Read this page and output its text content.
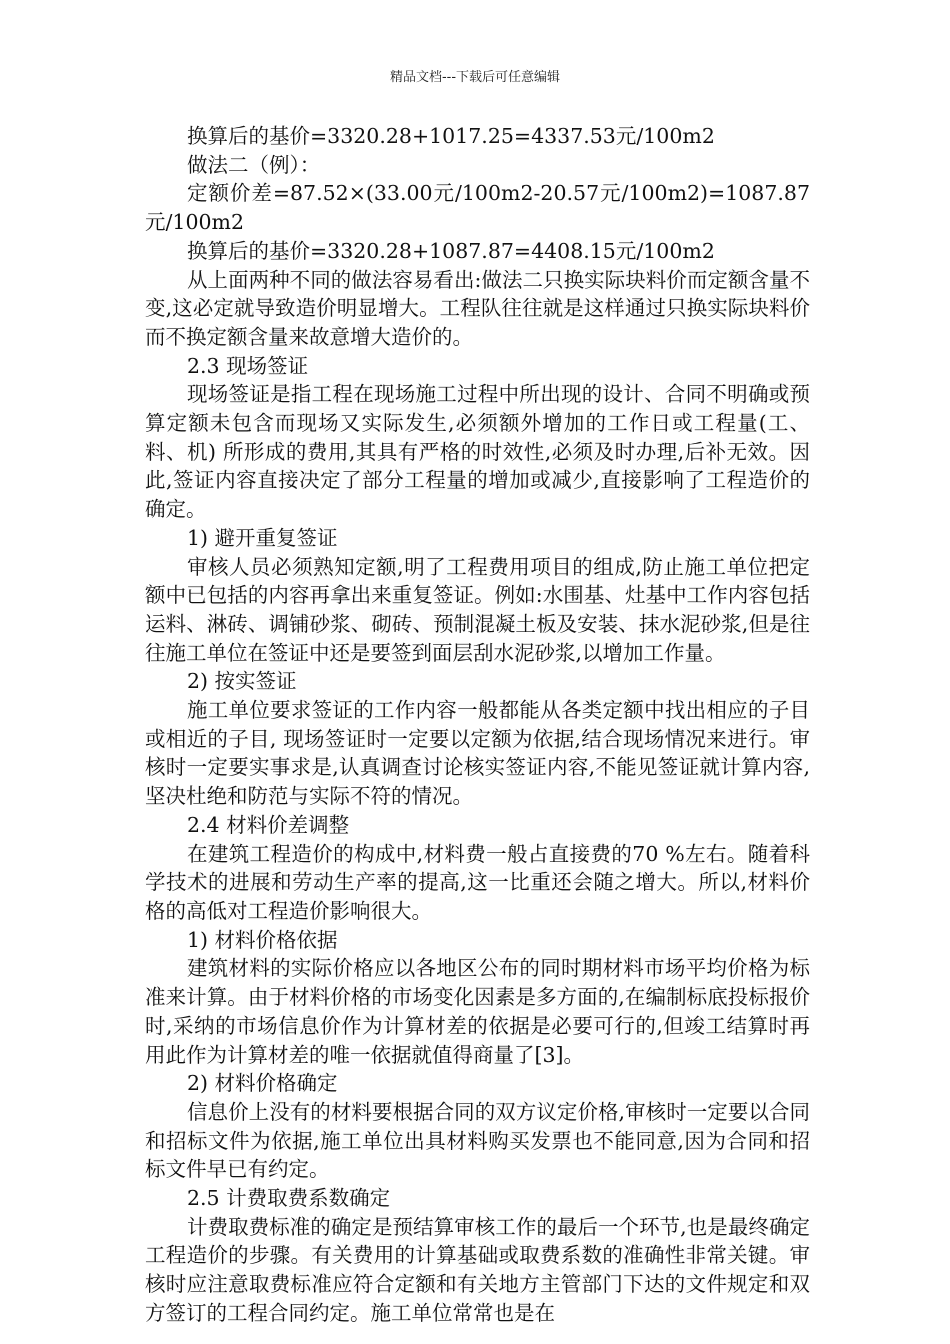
精品文档---下载后可任意编辑

换算后的基价=3320.28+1017.25=4337.53元/100m2

做法二（例）：

定额价差=87.52×(33.00元/100m2-20.57元/100m2)=1087.87元/100m2

换算后的基价=3320.28+1087.87=4408.15元/100m2

从上面两种不同的做法容易看出:做法二只换实际块料价而定额含量不变,这必定就导致造价明显增大。工程队往往就是这样通过只换实际块料价而不换定额含量来故意增大造价的。

2.3 现场签证

现场签证是指工程在现场施工过程中所出现的设计、合同不明确或预算定额未包含而现场又实际发生,必须额外增加的工作日或工程量(工、料、机) 所形成的费用,其具有严格的时效性,必须及时办理,后补无效。因此,签证内容直接决定了部分工程量的增加或减少,直接影响了工程造价的确定。

1) 避开重复签证

审核人员必须熟知定额,明了工程费用项目的组成,防止施工单位把定额中已包括的内容再拿出来重复签证。例如:水围基、灶基中工作内容包括运料、淋砖、调铺砂浆、砌砖、预制混凝土板及安装、抹水泥砂浆,但是往往施工单位在签证中还是要签到面层刮水泥砂浆,以增加工作量。

2) 按实签证

施工单位要求签证的工作内容一般都能从各类定额中找出相应的子目或相近的子目, 现场签证时一定要以定额为依据,结合现场情况来进行。审核时一定要实事求是,认真调查讨论核实签证内容,不能见签证就计算内容,坚决杜绝和防范与实际不符的情况。

2.4 材料价差调整

在建筑工程造价的构成中,材料费一般占直接费的70 %左右。随着科学技术的进展和劳动生产率的提高,这一比重还会随之增大。所以,材料价格的高低对工程造价影响很大。

1) 材料价格依据

建筑材料的实际价格应以各地区公布的同时期材料市场平均价格为标准来计算。由于材料价格的市场变化因素是多方面的,在编制标底投标报价时,采纳的市场信息价作为计算材差的依据是必要可行的,但竣工结算时再用此作为计算材差的唯一依据就值得商量了[3]。

2) 材料价格确定

信息价上没有的材料要根据合同的双方议定价格,审核时一定要以合同和招标文件为依据,施工单位出具材料购买发票也不能同意,因为合同和招标文件早已有约定。

2.5 计费取费系数确定

计费取费标准的确定是预结算审核工作的最后一个环节,也是最终确定工程造价的步骤。有关费用的计算基础或取费系数的准确性非常关键。审核时应注意取费标准应符合定额和有关地方主管部门下达的文件规定和双方签订的工程合同约定。施工单位常常也是在
